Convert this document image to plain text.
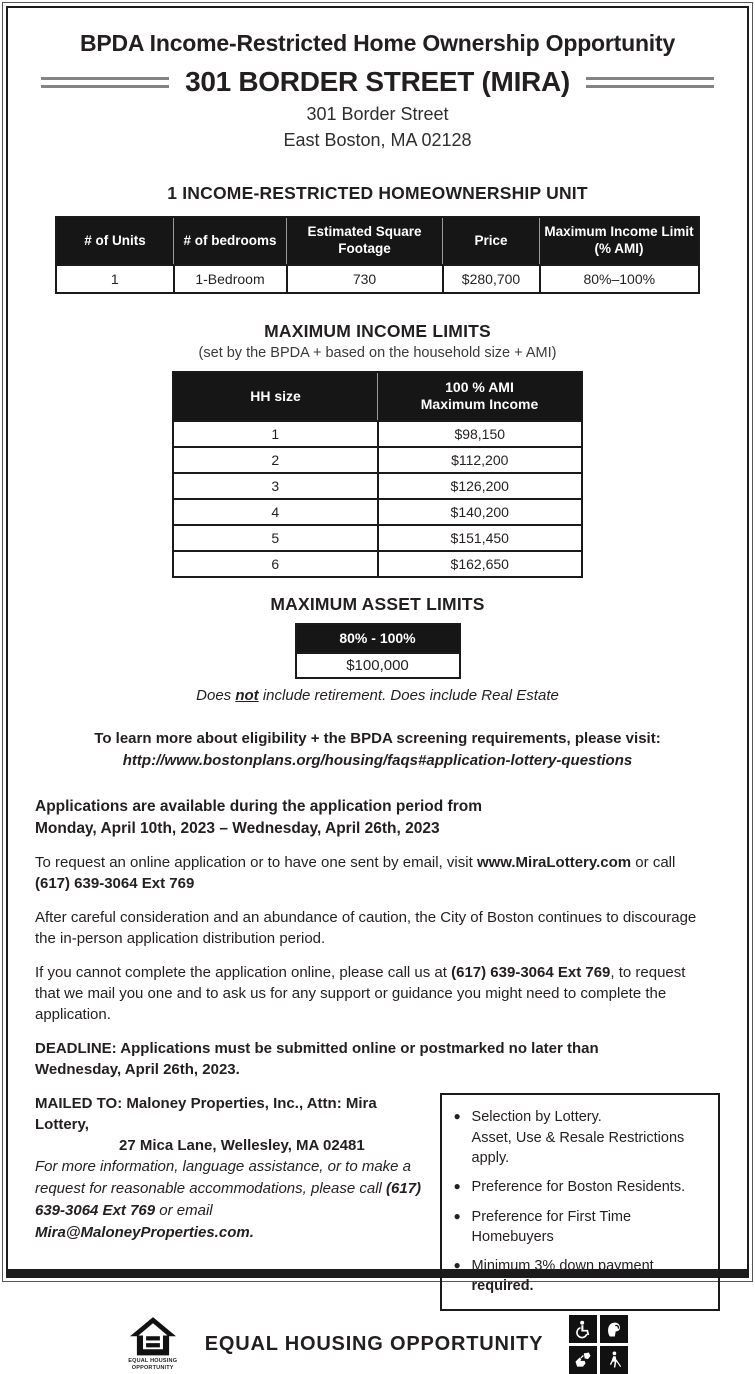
BPDA Income-Restricted Home Ownership Opportunity
301 BORDER STREET (MIRA)
301 Border Street
East Boston, MA 02128
1 INCOME-RESTRICTED HOMEOWNERSHIP UNIT
# of Units	# of bedrooms	Estimated Square Footage	Price	Maximum Income Limit (% AMI)
1	1-Bedroom	730	$280,700	80%–100%
MAXIMUM INCOME LIMITS
(set by the BPDA + based on the household size + AMI)
HH size	100 % AMI
Maximum Income

1	$98,150
2	$112,200
3	$126,200
4	$140,200
5	$151,450
6	$162,650
MAXIMUM ASSET LIMITS
80% - 100%
$100,000
Does not include retirement. Does include Real Estate
To learn more about eligibility + the BPDA screening requirements, please visit:
http://www.bostonplans.org/housing/faqs#application-lottery-questions
Applications are available during the application period from
Monday, April 10th, 2023 – Wednesday, April 26th, 2023
To request an online application or to have one sent by email, visit www.MiraLottery.com or call (617) 639-3064 Ext 769
After careful consideration and an abundance of caution, the City of Boston continues to discourage the in-person application distribution period.
If you cannot complete the application online, please call us at (617) 639-3064 Ext 769, to request that we mail you one and to ask us for any support or guidance you might need to complete the application.
DEADLINE: Applications must be submitted online or postmarked no later than
Wednesday, April 26th, 2023.
MAILED TO: Maloney Properties, Inc., Attn: Mira Lottery,
27 Mica Lane, Wellesley, MA 02481
For more information, language assistance, or to make a request for reasonable accommodations, please call (617) 639-3064 Ext 769 or email Mira@MaloneyProperties.com.
● Selection by Lottery.
Asset, Use & Resale Restrictions apply.
● Preference for Boston Residents.
● Preference for First Time Homebuyers
● Minimum 3% down payment required.
EQUAL HOUSING
OPPORTUNITY
EQUAL HOUSING OPPORTUNITY
